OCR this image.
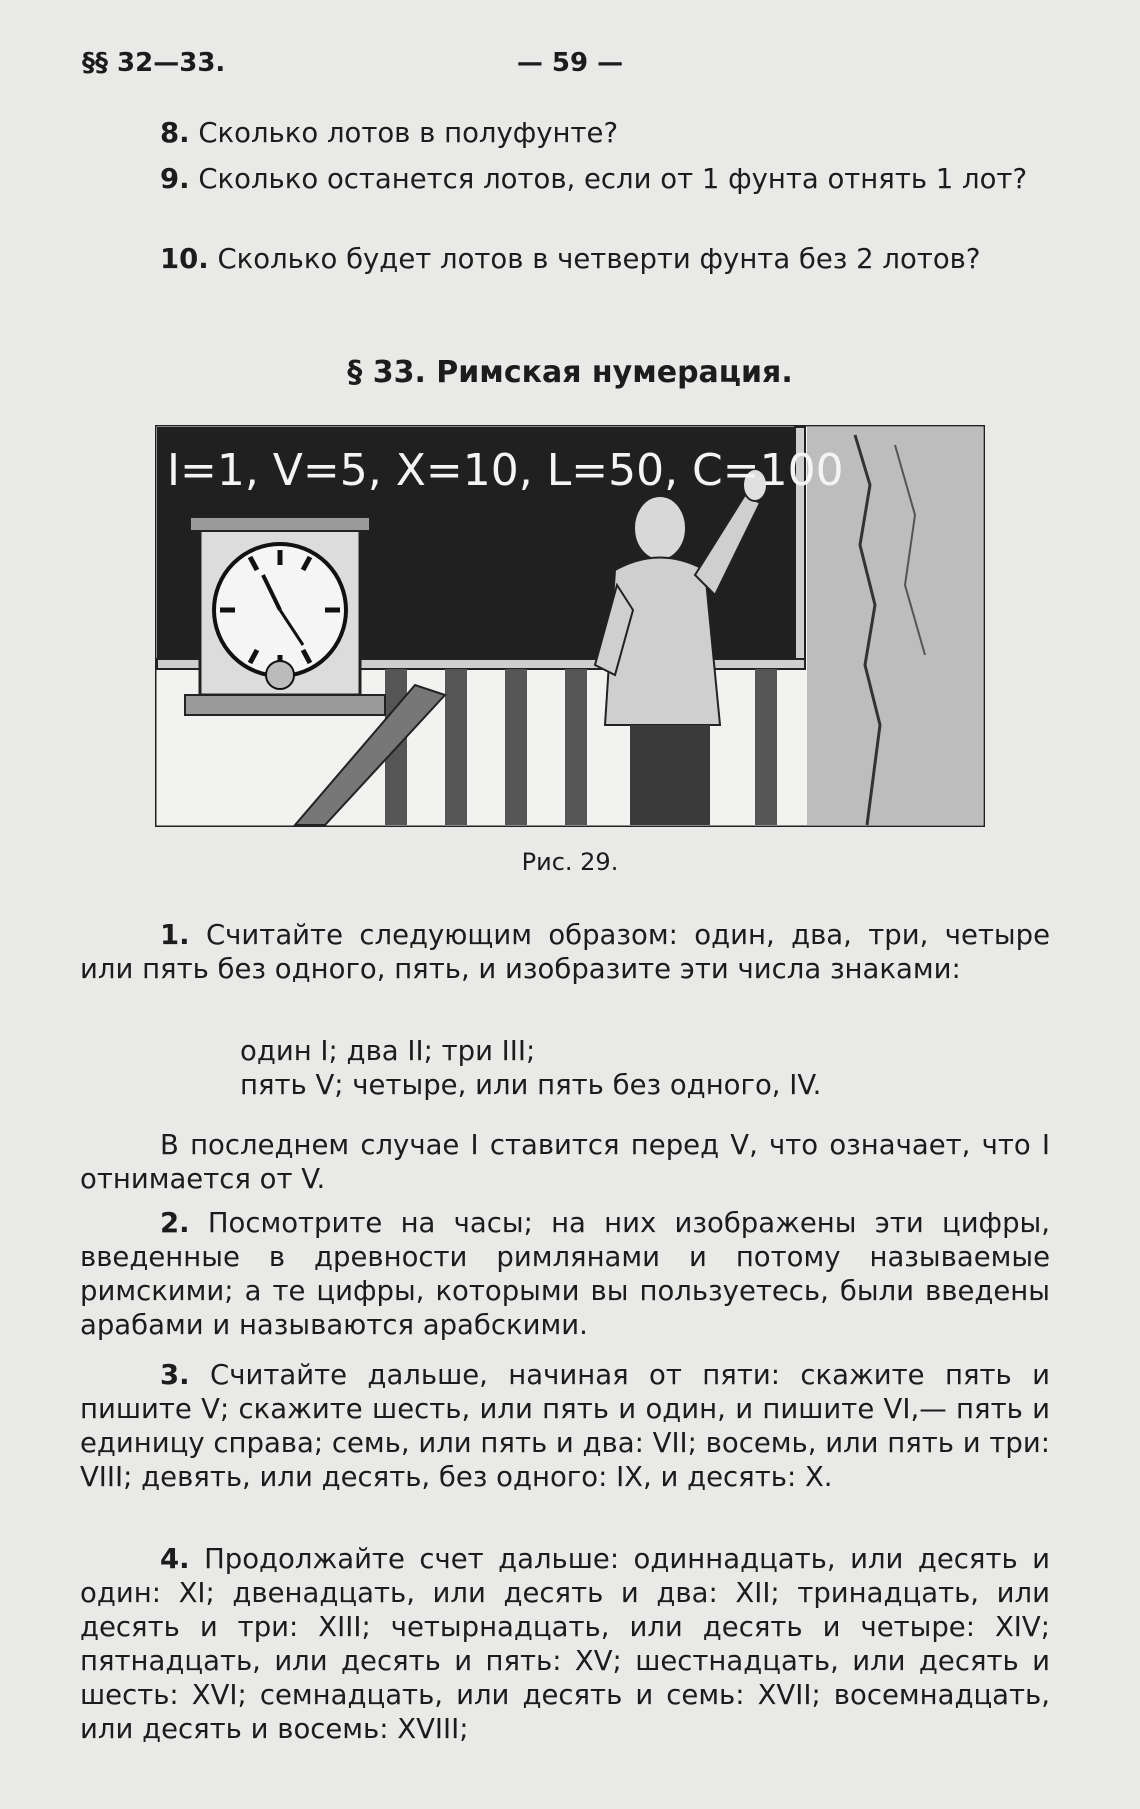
§§ 32—33.	— 59 —
8. Сколько лотов в полуфунте?
9. Сколько останется лотов, если от 1 фунта отнять 1 лот?
10. Сколько будет лотов в четверти фунта без 2 лотов?
§ 33. Римская нумерация.
I=1, V=5, X=10, L=50, C=100
Рис. 29.
1. Считайте следующим образом: один, два, три, четыре или пять без одного, пять, и изобразите эти числа знаками:
один I; два II; три III;
пять V; четыре, или пять без одного, IV.
В последнем случае I ставится перед V, что означает, что I отнимается от V.
2. Посмотрите на часы; на них изображены эти цифры, введенные в древности римлянами и потому называемые римскими; а те цифры, которыми вы пользуетесь, были введены арабами и называются арабскими.
3. Считайте дальше, начиная от пяти: скажите пять и пишите V; скажите шесть, или пять и один, и пишите VI,— пять и единицу справа; семь, или пять и два: VII; восемь, или пять и три: VIII; девять, или десять, без одного: IX, и десять: X.
4. Продолжайте счет дальше: одиннадцать, или десять и один: XI; двенадцать, или десять и два: XII; тринадцать, или десять и три: XIII; четырнадцать, или десять и четыре: XIV; пятнадцать, или десять и пять: XV; шестнадцать, или десять и шесть: XVI; семнадцать, или десять и семь: XVII; восемнадцать, или десять и восемь: XVIII;
